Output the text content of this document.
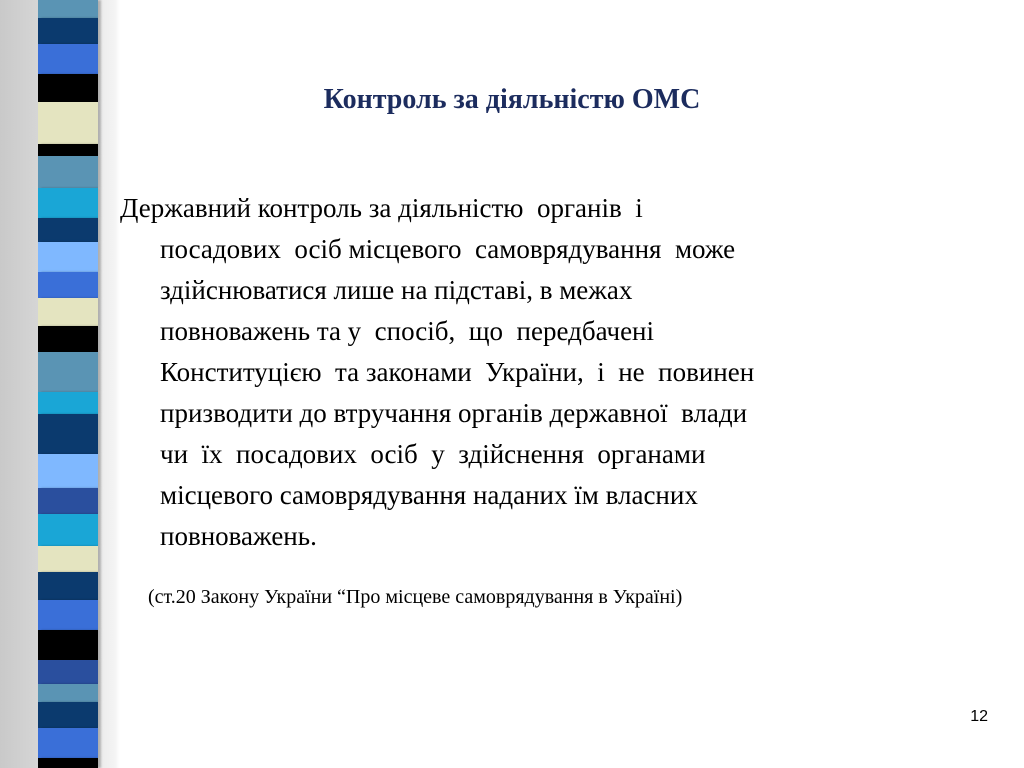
Контроль за діяльністю ОМС
Державний контроль за діяльністю  органів  і
посадових  осіб місцевого  самоврядування  може
здійснюватися лише на підставі, в межах
повноважень та у  спосіб,  що  передбачені
Конституцією  та законами  України,  і  не  повинен
призводити до втручання органів державної  влади
чи  їх  посадових  осіб  у  здійснення  органами
місцевого самоврядування наданих їм власних
повноважень.
(ст.20 Закону України “Про місцеве самоврядування в Україні)
12
